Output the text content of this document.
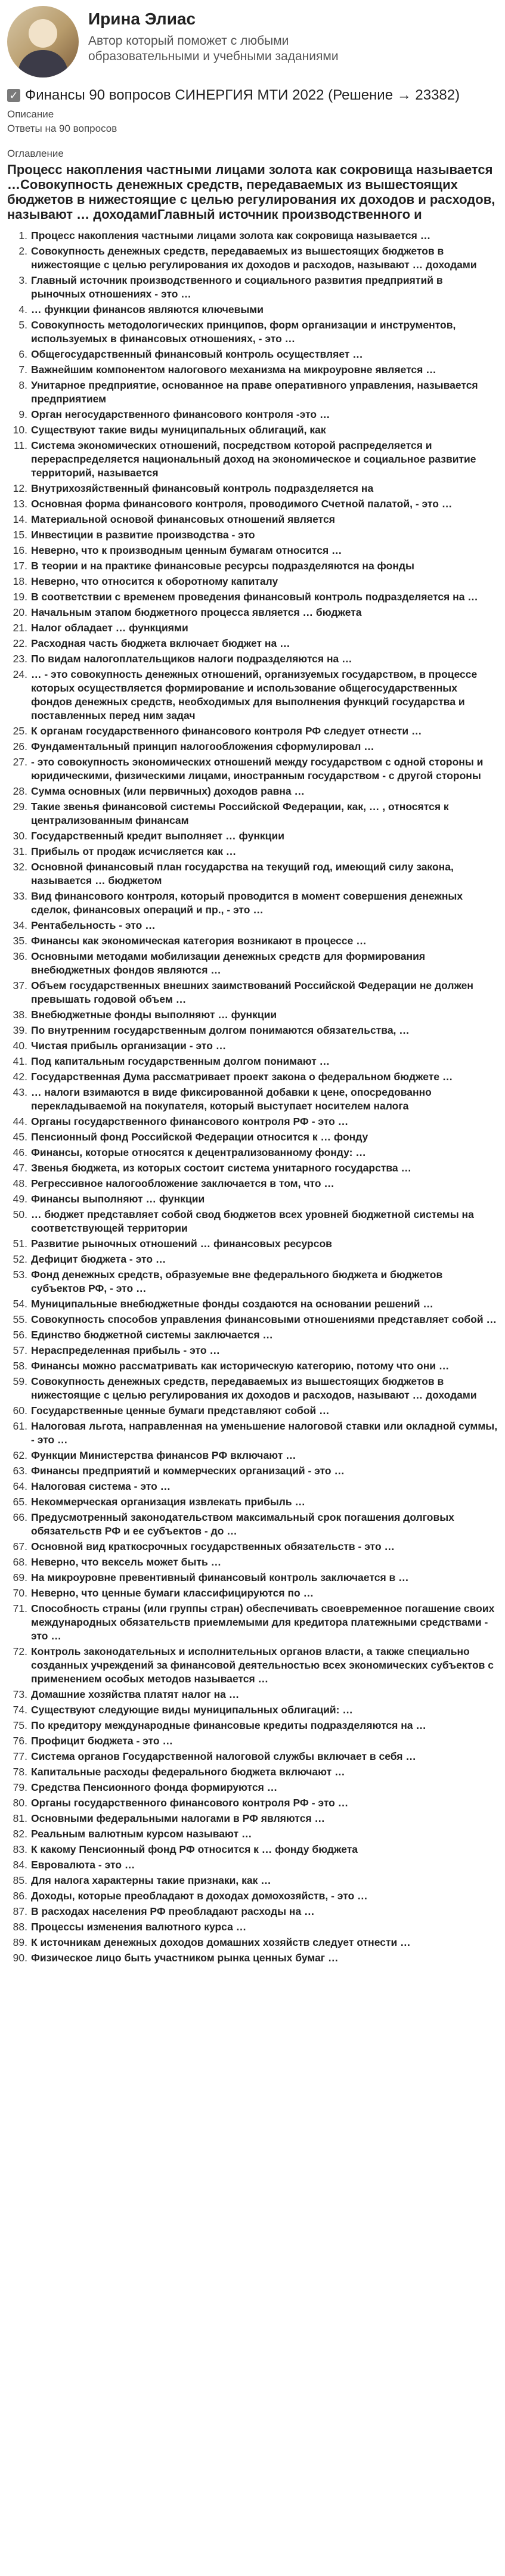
Ирина Элиас
Автор который поможет с любыми образовательными и учебными заданиями
✓ Финансы 90 вопросов СИНЕРГИЯ МТИ 2022 (Решение → 23382)
Описание
Ответы на 90 вопросов
Оглавление
Процесс накопления частными лицами золота как сокровища называется …Совокупность денежных средств, передаваемых из вышестоящих бюджетов в нижестоящие с целью регулирования их доходов и расходов, называют … доходамиГлавный источник производственного и
1. Процесс накопления частными лицами золота как сокровища называется …
2. Совокупность денежных средств, передаваемых из вышестоящих бюджетов в нижестоящие с целью регулирования их доходов и расходов, называют … доходами
3. Главный источник производственного и социального развития предприятий в рыночных отношениях - это …
4. … функции финансов являются ключевыми
5. Совокупность методологических принципов, форм организации и инструментов, используемых в финансовых отношениях, - это …
6. Общегосударственный финансовый контроль осуществляет …
7. Важнейшим компонентом налогового механизма на микроуровне является …
8. Унитарное предприятие, основанное на праве оперативного управления, называется предприятием
9. Орган негосударственного финансового контроля -это …
10. Существуют такие виды муниципальных облигаций, как
11. Система экономических отношений, посредством которой распределяется и перераспределяется национальный доход на экономическое и социальное развитие территорий, называется
12. Внутрихозяйственный финансовый контроль подразделяется на
13. Основная форма финансового контроля, проводимого Счетной палатой, - это …
14. Материальной основой финансовых отношений является
15. Инвестиции в развитие производства - это
16. Неверно, что к производным ценным бумагам относится …
17. В теории и на практике финансовые ресурсы подразделяются на фонды
18. Неверно, что относится к оборотному капиталу
19. В соответствии с временем проведения финансовый контроль подразделяется на …
20. Начальным этапом бюджетного процесса является … бюджета
21. Налог обладает … функциями
22. Расходная часть бюджета включает бюджет на …
23. По видам налогоплательщиков налоги подразделяются на …
24. … - это совокупность денежных отношений, организуемых государством, в процессе которых осуществляется формирование и использование общегосударственных фондов денежных средств, необходимых для выполнения функций государства и поставленных перед ним задач
25. К органам государственного финансового контроля РФ следует отнести …
26. Фундаментальный принцип налогообложения сформулировал …
27. - это совокупность экономических отношений между государством с одной стороны и юридическими, физическими лицами, иностранным государством - с другой стороны
28. Сумма основных (или первичных) доходов равна …
29. Такие звенья финансовой системы Российской Федерации, как, … , относятся к централизованным финансам
30. Государственный кредит выполняет … функции
31. Прибыль от продаж исчисляется как …
32. Основной финансовый план государства на текущий год, имеющий силу закона, называется … бюджетом
33. Вид финансового контроля, который проводится в момент совершения денежных сделок, финансовых операций и пр., - это …
34. Рентабельность - это …
35. Финансы как экономическая категория возникают в процессе …
36. Основными методами мобилизации денежных средств для формирования внебюджетных фондов являются …
37. Объем государственных внешних заимствований Российской Федерации не должен превышать годовой объем …
38. Внебюджетные фонды выполняют … функции
39. По внутренним государственным долгом понимаются обязательства, …
40. Чистая прибыль организации - это …
41. Под капитальным государственным долгом понимают …
42. Государственная Дума рассматривает проект закона о федеральном бюджете …
43. … налоги взимаются в виде фиксированной добавки к цене, опосредованно перекладываемой на покупателя, который выступает носителем налога
44. Органы государственного финансового контроля РФ - это …
45. Пенсионный фонд Российской Федерации относится к … фонду
46. Финансы, которые относятся к децентрализованному фонду: …
47. Звенья бюджета, из которых состоит система унитарного государства …
48. Регрессивное налогообложение заключается в том, что …
49. Финансы выполняют … функции
50. … бюджет представляет собой свод бюджетов всех уровней бюджетной системы на соответствующей территории
51. Развитие рыночных отношений … финансовых ресурсов
52. Дефицит бюджета - это …
53. Фонд денежных средств, образуемые вне федерального бюджета и бюджетов субъектов РФ, - это …
54. Муниципальные внебюджетные фонды создаются на основании решений …
55. Совокупность способов управления финансовыми отношениями представляет собой …
56. Единство бюджетной системы заключается …
57. Нераспределенная прибыль - это …
58. Финансы можно рассматривать как историческую категорию, потому что они …
59. Совокупность денежных средств, передаваемых из вышестоящих бюджетов в нижестоящие с целью регулирования их доходов и расходов, называют … доходами
60. Государственные ценные бумаги представляют собой …
61. Налоговая льгота, направленная на уменьшение налоговой ставки или окладной суммы, - это …
62. Функции Министерства финансов РФ включают …
63. Финансы предприятий и коммерческих организаций - это …
64. Налоговая система - это …
65. Некоммерческая организация извлекать прибыль …
66. Предусмотренный законодательством максимальный срок погашения долговых обязательств РФ и ее субъектов - до …
67. Основной вид краткосрочных государственных обязательств - это …
68. Неверно, что вексель может быть …
69. На микроуровне превентивный финансовый контроль заключается в …
70. Неверно, что ценные бумаги классифицируются по …
71. Способность страны (или группы стран) обеспечивать своевременное погашение своих международных обязательств приемлемыми для кредитора платежными средствами - это …
72. Контроль законодательных и исполнительных органов власти, а также специально созданных учреждений за финансовой деятельностью всех экономических субъектов с применением особых методов называется …
73. Домашние хозяйства платят налог на …
74. Существуют следующие виды муниципальных облигаций: …
75. По кредитору международные финансовые кредиты подразделяются на …
76. Профицит бюджета - это …
77. Система органов Государственной налоговой службы включает в себя …
78. Капитальные расходы федерального бюджета включают …
79. Средства Пенсионного фонда формируются …
80. Органы государственного финансового контроля РФ - это …
81. Основными федеральными налогами в РФ являются …
82. Реальным валютным курсом называют …
83. К какому Пенсионный фонд РФ относится к … фонду бюджета
84. Евровалюта - это …
85. Для налога характерны такие признаки, как …
86. Доходы, которые преобладают в доходах домохозяйств, - это …
87. В расходах населения РФ преобладают расходы на …
88. Процессы изменения валютного курса …
89. К источникам денежных доходов домашних хозяйств следует отнести …
90. Физическое лицо быть участником рынка ценных бумаг …
